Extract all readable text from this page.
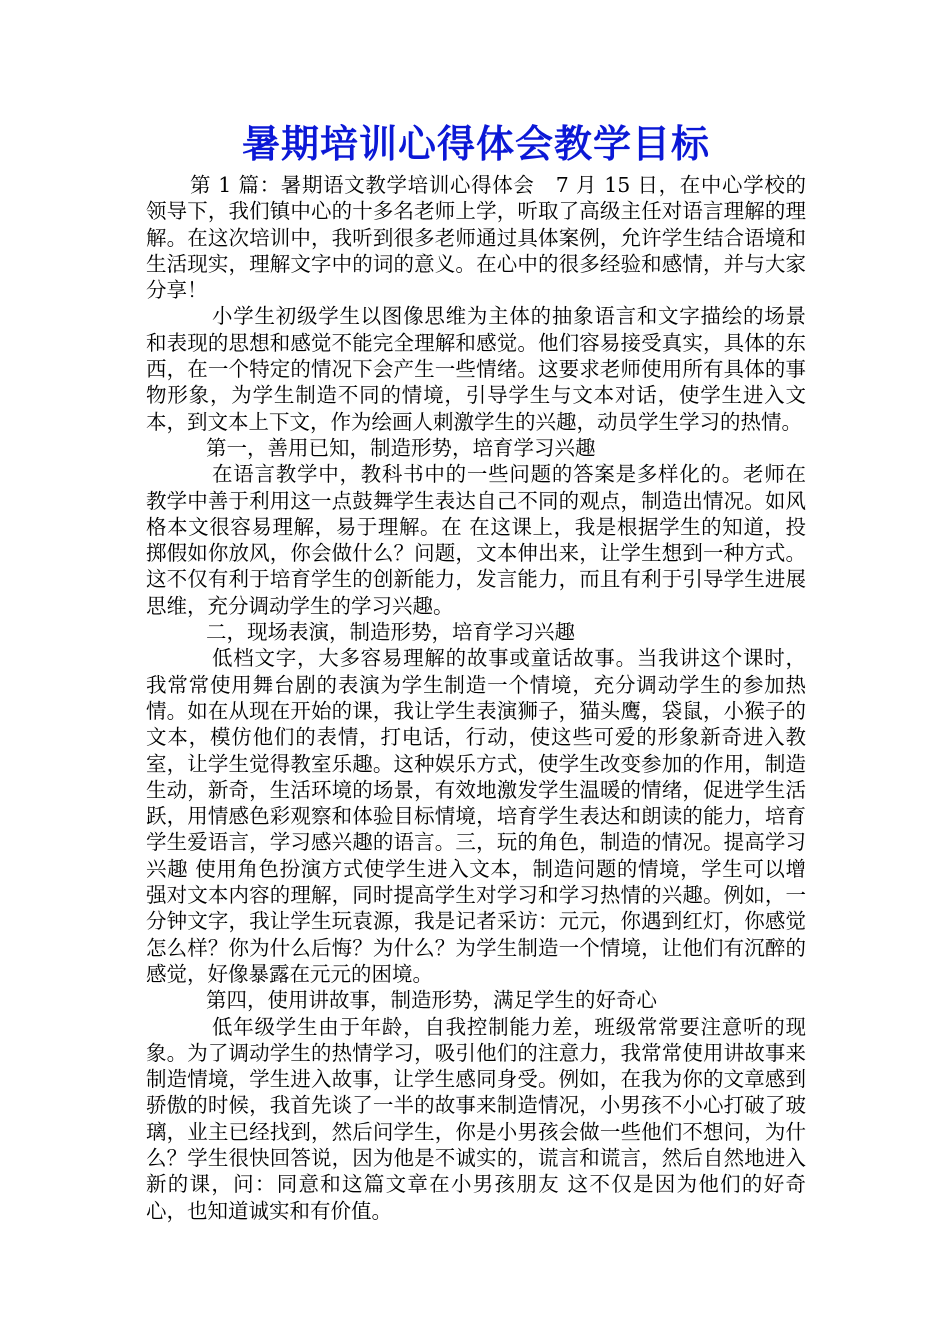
暑期培训心得体会教学目标

第 1 篇：暑期语文教学培训心得体会　7 月 15 日，在中心学校的领导下，我们镇中心的十多名老师上学，听取了高级主任对语言理解的理解。在这次培训中，我听到很多老师通过具体案例，允许学生结合语境和生活现实，理解文字中的词的意义。在心中的很多经验和感情，并与大家分享！

小学生初级学生以图像思维为主体的抽象语言和文字描绘的场景和表现的思想和感觉不能完全理解和感觉。他们容易接受真实，具体的东西，在一个特定的情况下会产生一些情绪。这要求老师使用所有具体的事物形象，为学生制造不同的情境，引导学生与文本对话，使学生进入文本，到文本上下文，作为绘画人刺激学生的兴趣，动员学生学习的热情。

第一，善用已知，制造形势，培育学习兴趣

在语言教学中，教科书中的一些问题的答案是多样化的。老师在教学中善于利用这一点鼓舞学生表达自己不同的观点，制造出情况。如风格本文很容易理解，易于理解。在 在这课上，我是根据学生的知道，投掷假如你放风，你会做什么？问题，文本伸出来，让学生想到一种方式。这不仅有利于培育学生的创新能力，发言能力，而且有利于引导学生进展思维，充分调动学生的学习兴趣。

二，现场表演，制造形势，培育学习兴趣

低档文字，大多容易理解的故事或童话故事。当我讲这个课时，我常常使用舞台剧的表演为学生制造一个情境，充分调动学生的参加热情。如在从现在开始的课，我让学生表演狮子，猫头鹰，袋鼠，小猴子的文本，模仿他们的表情，打电话，行动，使这些可爱的形象新奇进入教室，让学生觉得教室乐趣。这种娱乐方式，使学生改变参加的作用，制造生动，新奇，生活环境的场景，有效地激发学生温暖的情绪，促进学生活跃，用情感色彩观察和体验目标情境，培育学生表达和朗读的能力，培育学生爱语言，学习感兴趣的语言。三，玩的角色，制造的情况。提高学习兴趣 使用角色扮演方式使学生进入文本，制造问题的情境，学生可以增强对文本内容的理解，同时提高学生对学习和学习热情的兴趣。例如，一分钟文字，我让学生玩袁源，我是记者采访：元元，你遇到红灯，你感觉怎么样？你为什么后悔？为什么？为学生制造一个情境，让他们有沉醉的感觉，好像暴露在元元的困境。

第四，使用讲故事，制造形势，满足学生的好奇心

低年级学生由于年龄，自我控制能力差，班级常常要注意听的现象。为了调动学生的热情学习，吸引他们的注意力，我常常使用讲故事来制造情境，学生进入故事，让学生感同身受。例如，在我为你的文章感到骄傲的时候，我首先谈了一半的故事来制造情况，小男孩不小心打破了玻璃，业主已经找到，然后问学生，你是小男孩会做一些他们不想问，为什么？学生很快回答说，因为他是不诚实的，谎言和谎言，然后自然地进入新的课，问：同意和这篇文章在小男孩朋友 这不仅是因为他们的好奇心，也知道诚实和有价值。
